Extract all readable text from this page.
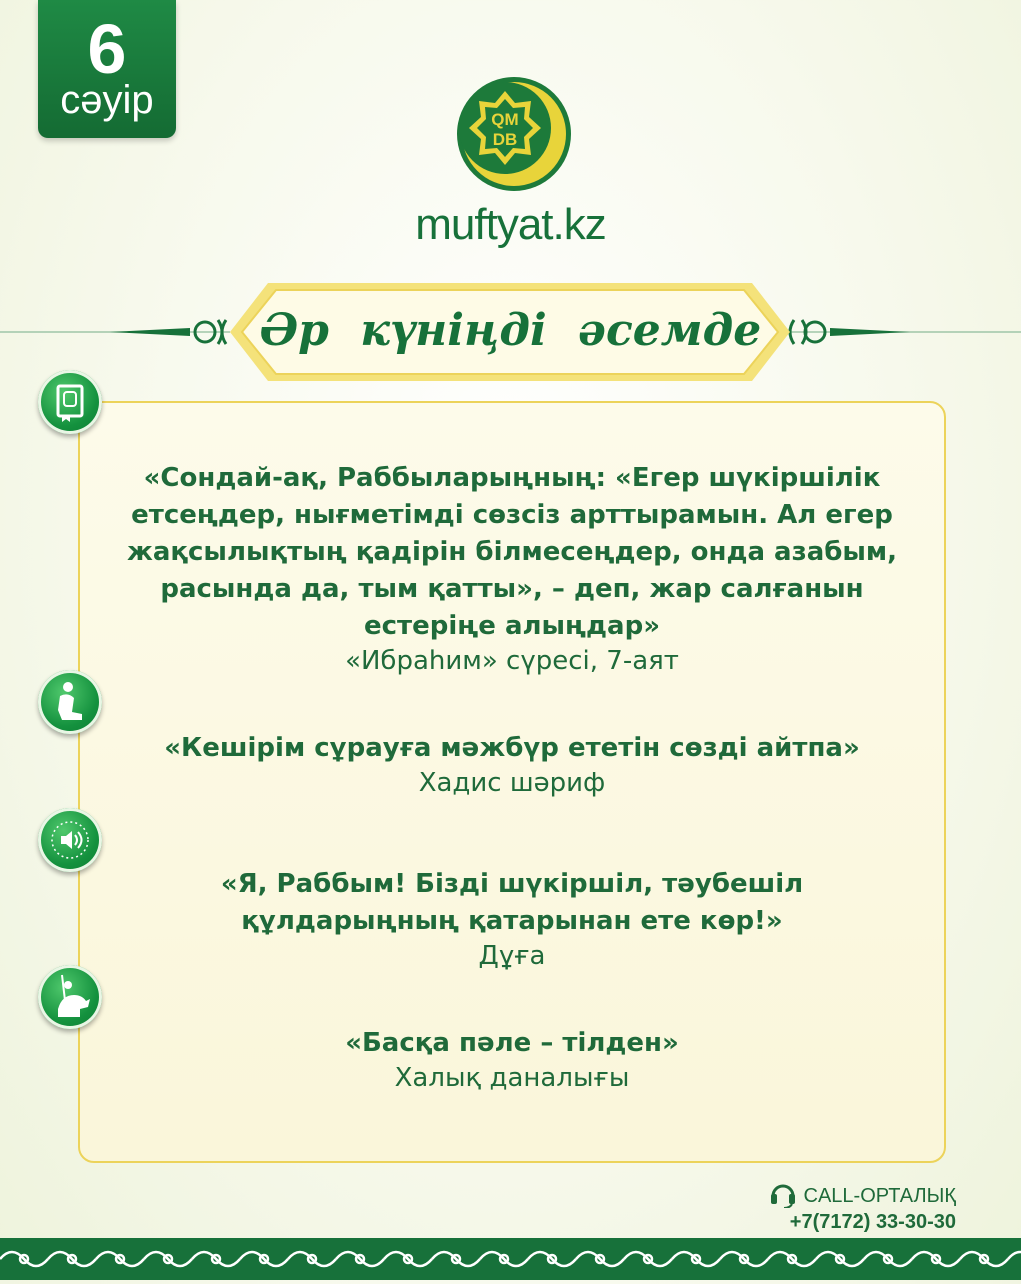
6
сәуір	QM
DB
muftyat.kz
Әр күніңді әсемде
«Сондай-ақ, Раббыларыңның: «Егер шүкіршілік етсеңдер, нығметімді сөзсіз арттырамын. Ал егер жақсылықтың қадірін білмесеңдер, онда азабым, расында да, тым қатты», – деп, жар салғанын естеріңе алыңдар»
«Ибраһим» сүресі, 7-аят
«Кешірім сұрауға мәжбүр ететін сөзді айтпа»
Хадис шәриф
«Я, Раббым! Бізді шүкіршіл, тәубешіл құлдарыңның қатарынан ете көр!»
Дұға
«Басқа пәле – тілден»
Халық даналығы
CALL-ОРТАЛЫҚ
+7(7172) 33-30-30
